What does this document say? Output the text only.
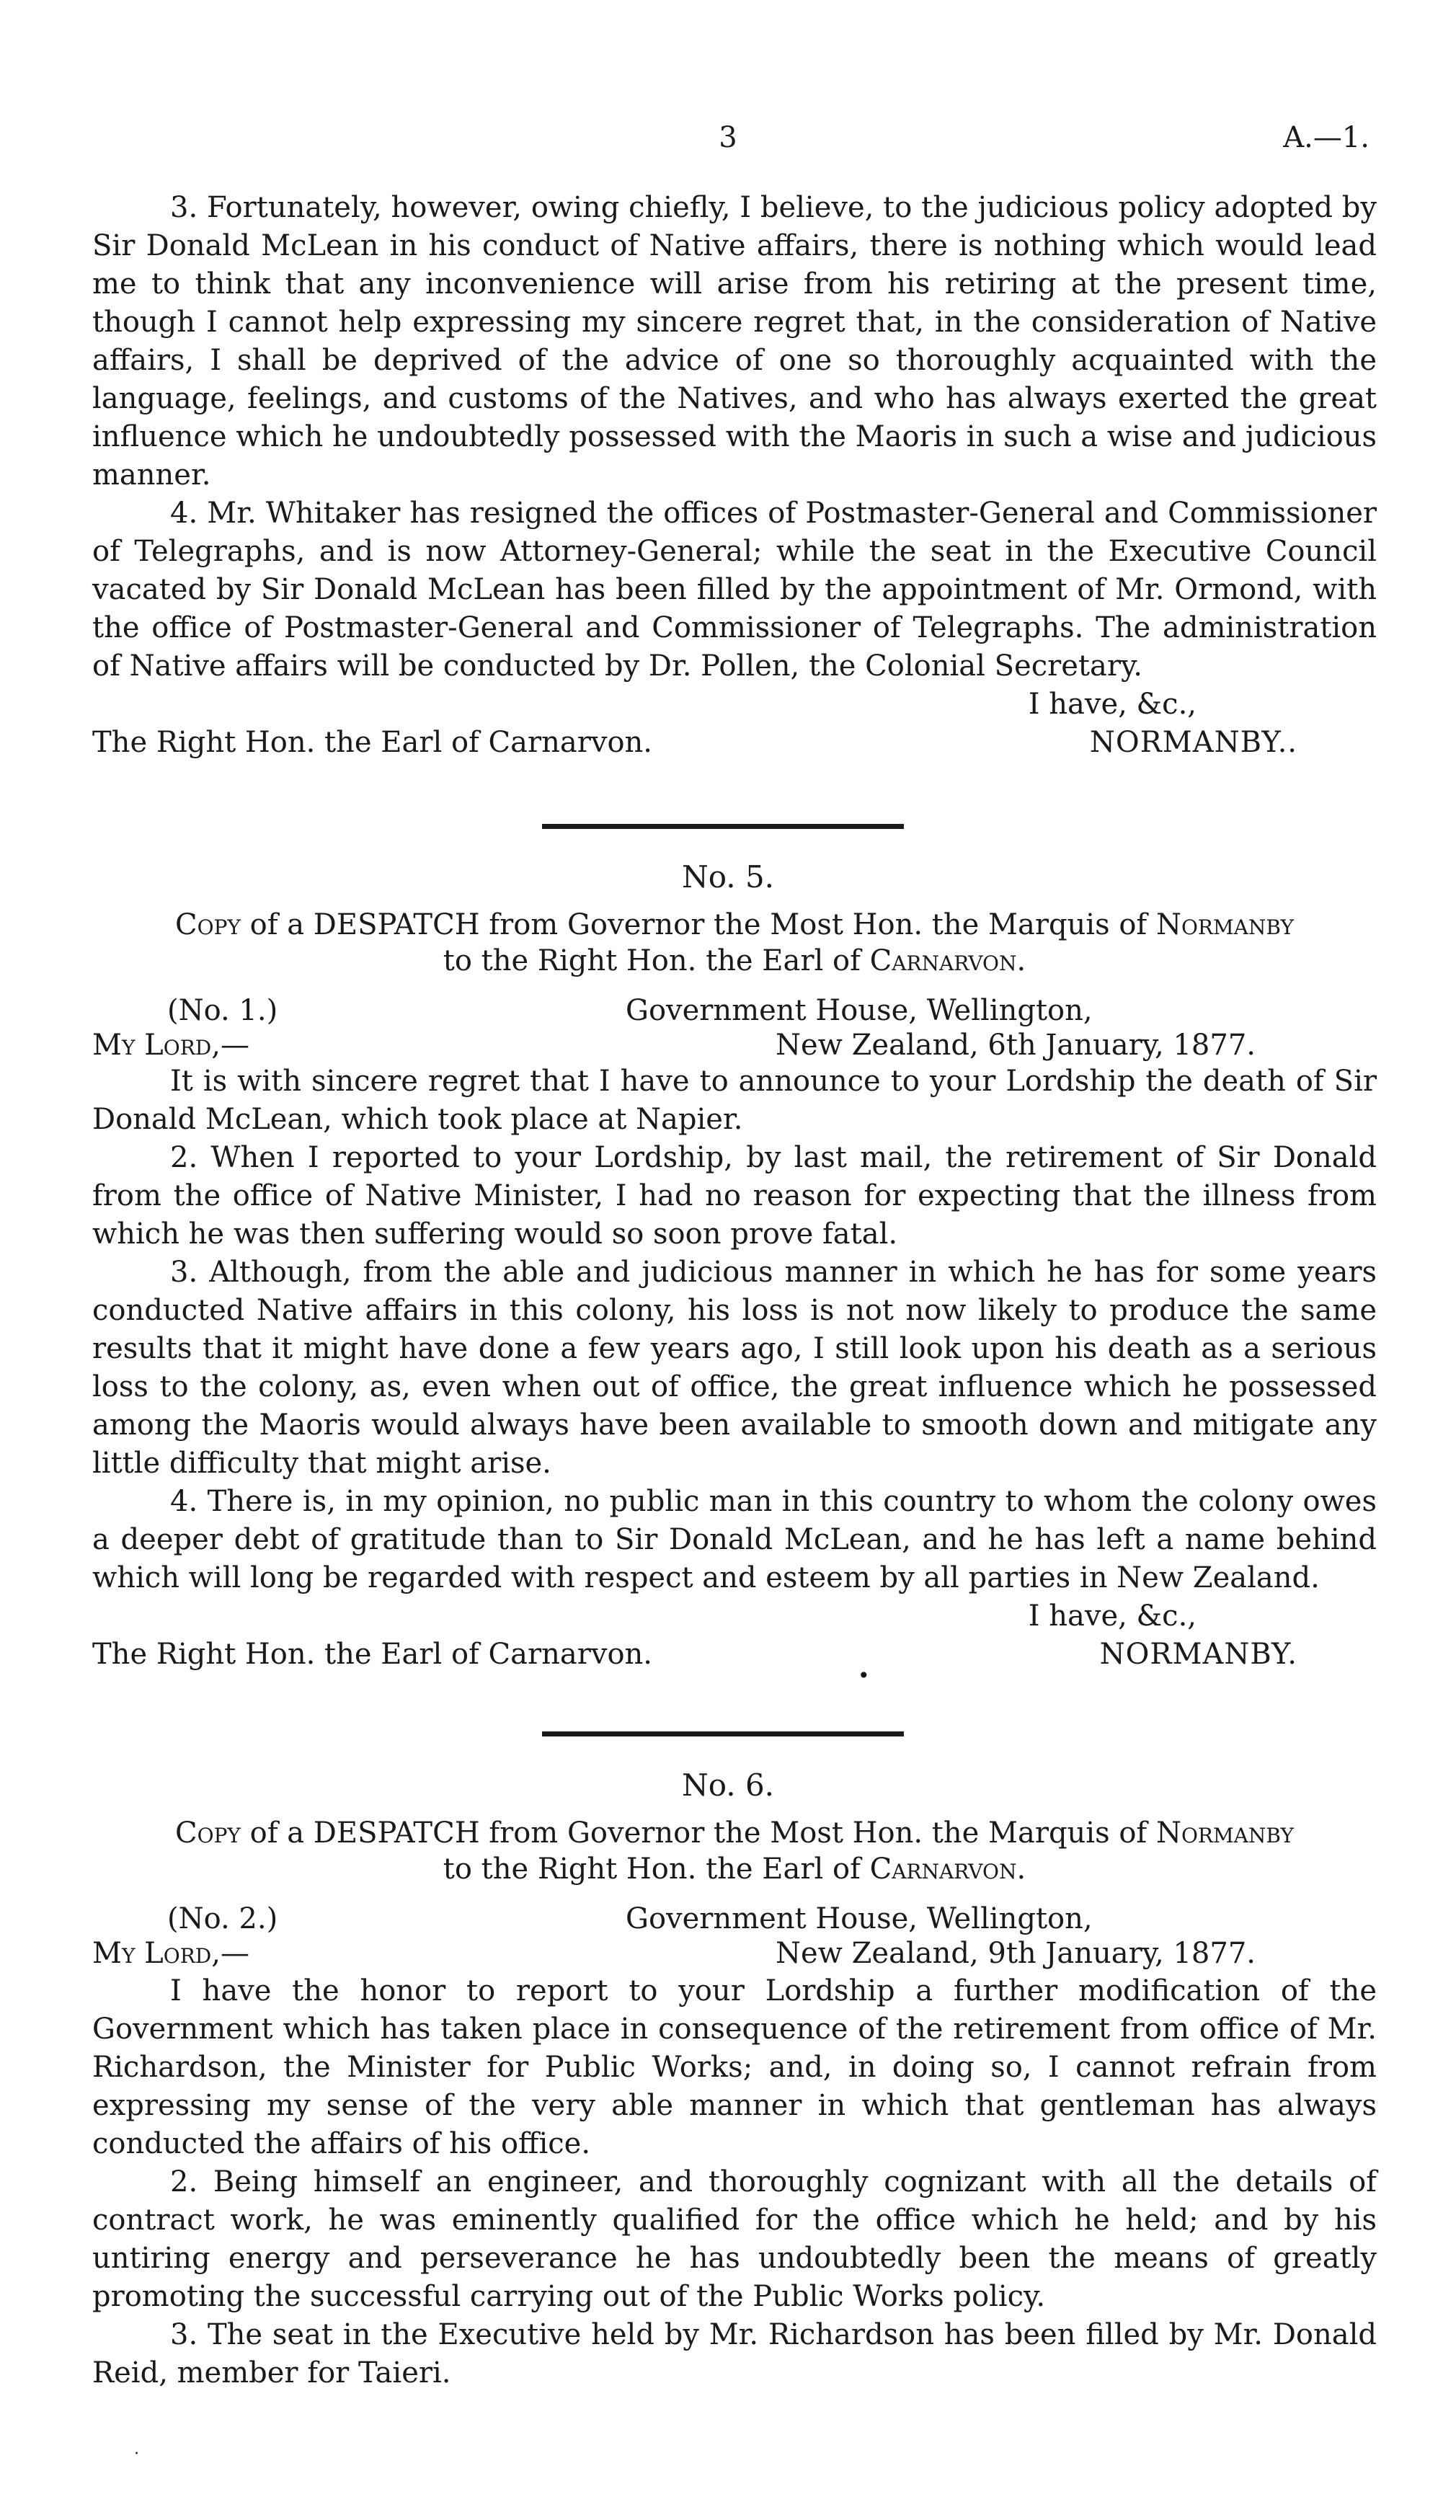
3	A.—1.

3. Fortunately, however, owing chiefly, I believe, to the judicious policy adopted by Sir Donald McLean in his conduct of Native affairs, there is nothing which would lead me to think that any inconvenience will arise from his retiring at the present time, though I cannot help expressing my sincere regret that, in the consideration of Native affairs, I shall be deprived of the advice of one so thoroughly acquainted with the language, feelings, and customs of the Natives, and who has always exerted the great influence which he undoubtedly possessed with the Maoris in such a wise and judicious manner.

4. Mr. Whitaker has resigned the offices of Postmaster-General and Commissioner of Telegraphs, and is now Attorney-General; while the seat in the Executive Council vacated by Sir Donald McLean has been filled by the appointment of Mr. Ormond, with the office of Postmaster-General and Commissioner of Telegraphs. The administration of Native affairs will be conducted by Dr. Pollen, the Colonial Secretary.

I have, &c.,
The Right Hon. the Earl of Carnarvon.	NORMANBY..
No. 5.
Copy of a DESPATCH from Governor the Most Hon. the Marquis of Normanby
to the Right Hon. the Earl of Carnarvon.
(No. 1.)	Government House, Wellington,
My Lord,—	New Zealand, 6th January, 1877.

It is with sincere regret that I have to announce to your Lordship the death of Sir Donald McLean, which took place at Napier.

2. When I reported to your Lordship, by last mail, the retirement of Sir Donald from the office of Native Minister, I had no reason for expecting that the illness from which he was then suffering would so soon prove fatal.

3. Although, from the able and judicious manner in which he has for some years conducted Native affairs in this colony, his loss is not now likely to produce the same results that it might have done a few years ago, I still look upon his death as a serious loss to the colony, as, even when out of office, the great influence which he possessed among the Maoris would always have been available to smooth down and mitigate any little difficulty that might arise.

4. There is, in my opinion, no public man in this country to whom the colony owes a deeper debt of gratitude than to Sir Donald McLean, and he has left a name behind which will long be regarded with respect and esteem by all parties in New Zealand.

I have, &c.,
The Right Hon. the Earl of Carnarvon.	NORMANBY.
•
No. 6.
Copy of a DESPATCH from Governor the Most Hon. the Marquis of Normanby
to the Right Hon. the Earl of Carnarvon.
(No. 2.)	Government House, Wellington,
My Lord,—	New Zealand, 9th January, 1877.

I have the honor to report to your Lordship a further modification of the Government which has taken place in consequence of the retirement from office of Mr. Richardson, the Minister for Public Works; and, in doing so, I cannot refrain from expressing my sense of the very able manner in which that gentleman has always conducted the affairs of his office.

2. Being himself an engineer, and thoroughly cognizant with all the details of contract work, he was eminently qualified for the office which he held; and by his untiring energy and perseverance he has undoubtedly been the means of greatly promoting the successful carrying out of the Public Works policy.

3. The seat in the Executive held by Mr. Richardson has been filled by Mr. Donald Reid, member for Taieri.

·
